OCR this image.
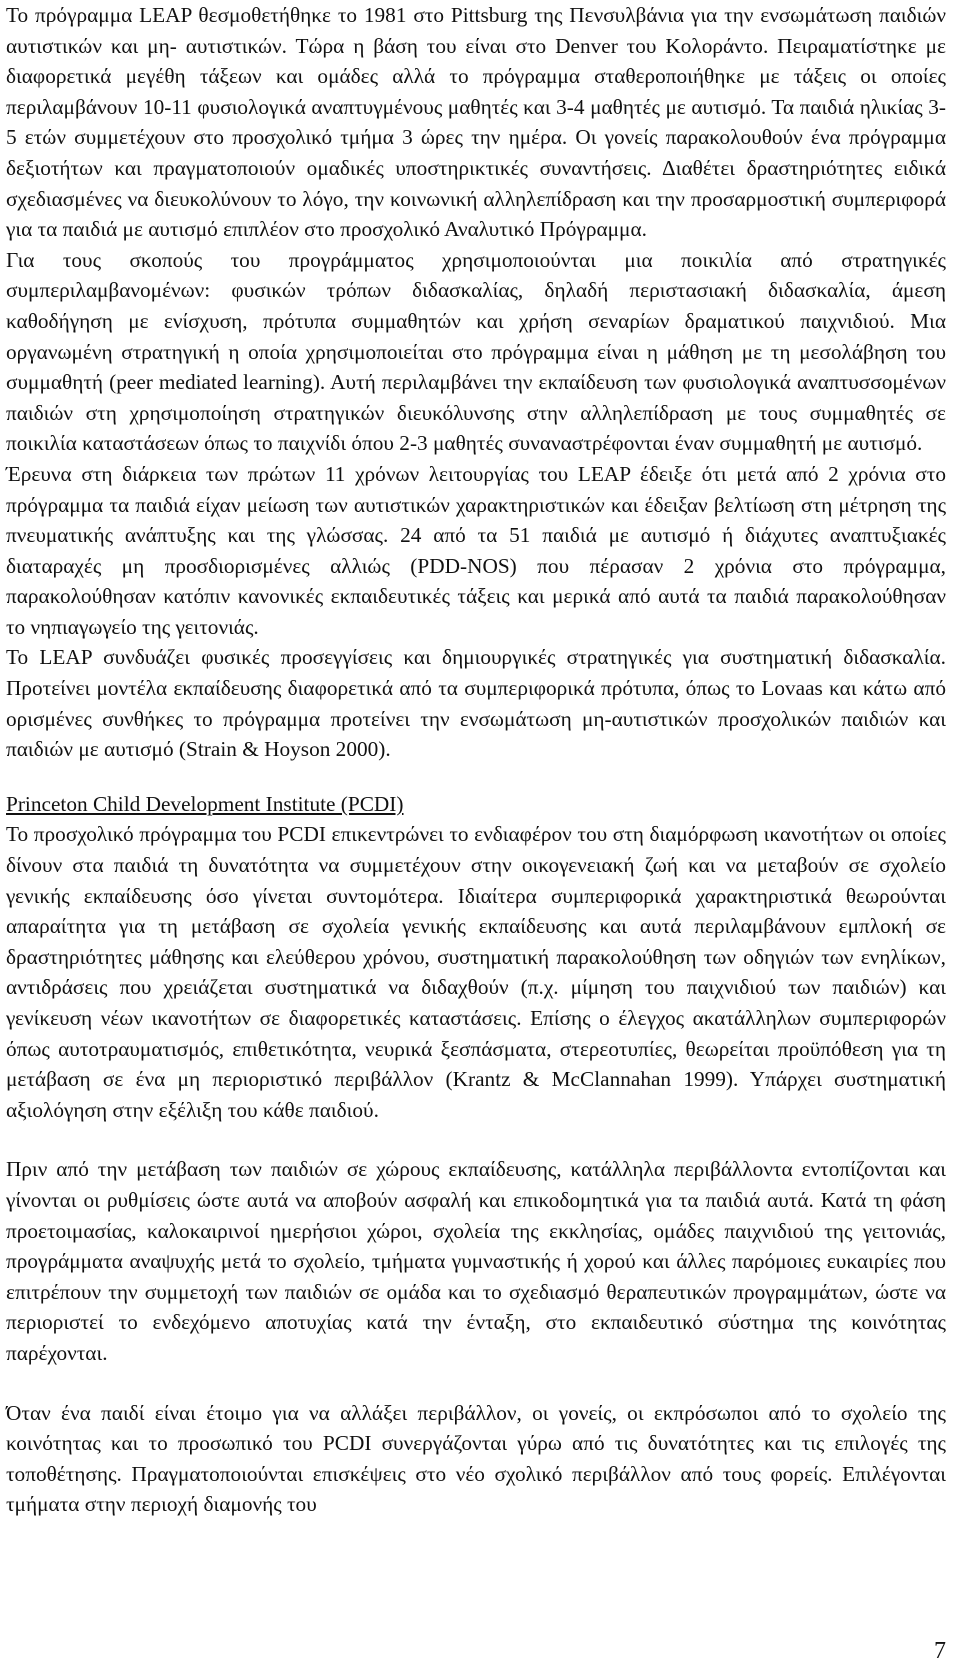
Το πρόγραμμα LEAP θεσμοθετήθηκε το 1981 στο Pittsburg της Πενσυλβάνια για την ενσωμάτωση παιδιών αυτιστικών και μη- αυτιστικών. Τώρα η βάση του είναι στο Denver του Κολοράντο. Πειραματίστηκε με διαφορετικά μεγέθη τάξεων και ομάδες αλλά το πρόγραμμα σταθεροποιήθηκε με τάξεις οι οποίες περιλαμβάνουν 10-11 φυσιολογικά αναπτυγμένους μαθητές και 3-4 μαθητές με αυτισμό. Τα παιδιά ηλικίας 3-5 ετών συμμετέχουν στο προσχολικό τμήμα 3 ώρες την ημέρα. Οι γονείς παρακολουθούν ένα πρόγραμμα δεξιοτήτων και πραγματοποιούν ομαδικές υποστηρικτικές συναντήσεις. Διαθέτει δραστηριότητες ειδικά σχεδιασμένες να διευκολύνουν το λόγο, την κοινωνική αλληλεπίδραση και την προσαρμοστική συμπεριφορά για τα παιδιά με αυτισμό επιπλέον στο προσχολικό Αναλυτικό Πρόγραμμα.

Για τους σκοπούς του προγράμματος χρησιμοποιούνται μια ποικιλία από στρατηγικές συμπεριλαμβανομένων: φυσικών τρόπων διδασκαλίας, δηλαδή περιστασιακή διδασκαλία, άμεση καθοδήγηση με ενίσχυση, πρότυπα συμμαθητών και χρήση σεναρίων δραματικού παιχνιδιού. Μια οργανωμένη στρατηγική η οποία χρησιμοποιείται στο πρόγραμμα είναι η μάθηση με τη μεσολάβηση του συμμαθητή (peer mediated learning). Αυτή περιλαμβάνει την εκπαίδευση των φυσιολογικά αναπτυσσομένων παιδιών στη χρησιμοποίηση στρατηγικών διευκόλυνσης στην αλληλεπίδραση με τους συμμαθητές σε ποικιλία καταστάσεων όπως το παιχνίδι όπου 2-3 μαθητές συναναστρέφονται έναν συμμαθητή με αυτισμό.

Έρευνα στη διάρκεια των πρώτων 11 χρόνων λειτουργίας του LEAP έδειξε ότι μετά από 2 χρόνια στο πρόγραμμα τα παιδιά είχαν μείωση των αυτιστικών χαρακτηριστικών και έδειξαν βελτίωση στη μέτρηση της πνευματικής ανάπτυξης και της γλώσσας. 24 από τα 51 παιδιά με αυτισμό ή διάχυτες αναπτυξιακές διαταραχές μη προσδιορισμένες αλλιώς (PDD-NOS) που πέρασαν 2 χρόνια στο πρόγραμμα, παρακολούθησαν κατόπιν κανονικές εκπαιδευτικές τάξεις και μερικά από αυτά τα παιδιά παρακολούθησαν το νηπιαγωγείο της γειτονιάς.

Το LEAP συνδυάζει φυσικές προσεγγίσεις και δημιουργικές στρατηγικές για συστηματική διδασκαλία. Προτείνει μοντέλα εκπαίδευσης διαφορετικά από τα συμπεριφορικά πρότυπα, όπως το Lovaas και κάτω από ορισμένες συνθήκες το πρόγραμμα προτείνει την ενσωμάτωση μη-αυτιστικών προσχολικών παιδιών και παιδιών με αυτισμό (Strain & Hoyson 2000).

Princeton Child Development Institute (PCDI)

Το προσχολικό πρόγραμμα του PCDI επικεντρώνει το ενδιαφέρον του στη διαμόρφωση ικανοτήτων οι οποίες δίνουν στα παιδιά τη δυνατότητα να συμμετέχουν στην οικογενειακή ζωή και να μεταβούν σε σχολείο γενικής εκπαίδευσης όσο γίνεται συντομότερα. Ιδιαίτερα συμπεριφορικά χαρακτηριστικά θεωρούνται απαραίτητα για τη μετάβαση σε σχολεία γενικής εκπαίδευσης και αυτά περιλαμβάνουν εμπλοκή σε δραστηριότητες μάθησης και ελεύθερου χρόνου, συστηματική παρακολούθηση των οδηγιών των ενηλίκων, αντιδράσεις που χρειάζεται συστηματικά να διδαχθούν (π.χ. μίμηση του παιχνιδιού των παιδιών) και γενίκευση νέων ικανοτήτων σε διαφορετικές καταστάσεις. Επίσης ο έλεγχος ακατάλληλων συμπεριφορών όπως αυτοτραυματισμός, επιθετικότητα, νευρικά ξεσπάσματα, στερεοτυπίες, θεωρείται προϋπόθεση για τη μετάβαση σε ένα μη περιοριστικό περιβάλλον (Krantz & McClannahan 1999). Υπάρχει συστηματική αξιολόγηση στην εξέλιξη του κάθε παιδιού.

Πριν από την μετάβαση των παιδιών σε χώρους εκπαίδευσης, κατάλληλα περιβάλλοντα εντοπίζονται και γίνονται οι ρυθμίσεις ώστε αυτά να αποβούν ασφαλή και επικοδομητικά για τα παιδιά αυτά. Κατά τη φάση προετοιμασίας, καλοκαιρινοί ημερήσιοι χώροι, σχολεία της εκκλησίας, ομάδες παιχνιδιού της γειτονιάς, προγράμματα αναψυχής μετά το σχολείο, τμήματα γυμναστικής ή χορού και άλλες παρόμοιες ευκαιρίες που επιτρέπουν την συμμετοχή των παιδιών σε ομάδα και το σχεδιασμό θεραπευτικών προγραμμάτων, ώστε να περιοριστεί το ενδεχόμενο αποτυχίας κατά την ένταξη, στο εκπαιδευτικό σύστημα της κοινότητας παρέχονται.

Όταν ένα παιδί είναι έτοιμο για να αλλάξει περιβάλλον, οι γονείς, οι εκπρόσωποι από το σχολείο της κοινότητας και το προσωπικό του PCDI συνεργάζονται γύρω από τις δυνατότητες και τις επιλογές της τοποθέτησης. Πραγματοποιούνται επισκέψεις στο νέο σχολικό περιβάλλον από τους φορείς. Επιλέγονται τμήματα στην περιοχή διαμονής του

7
